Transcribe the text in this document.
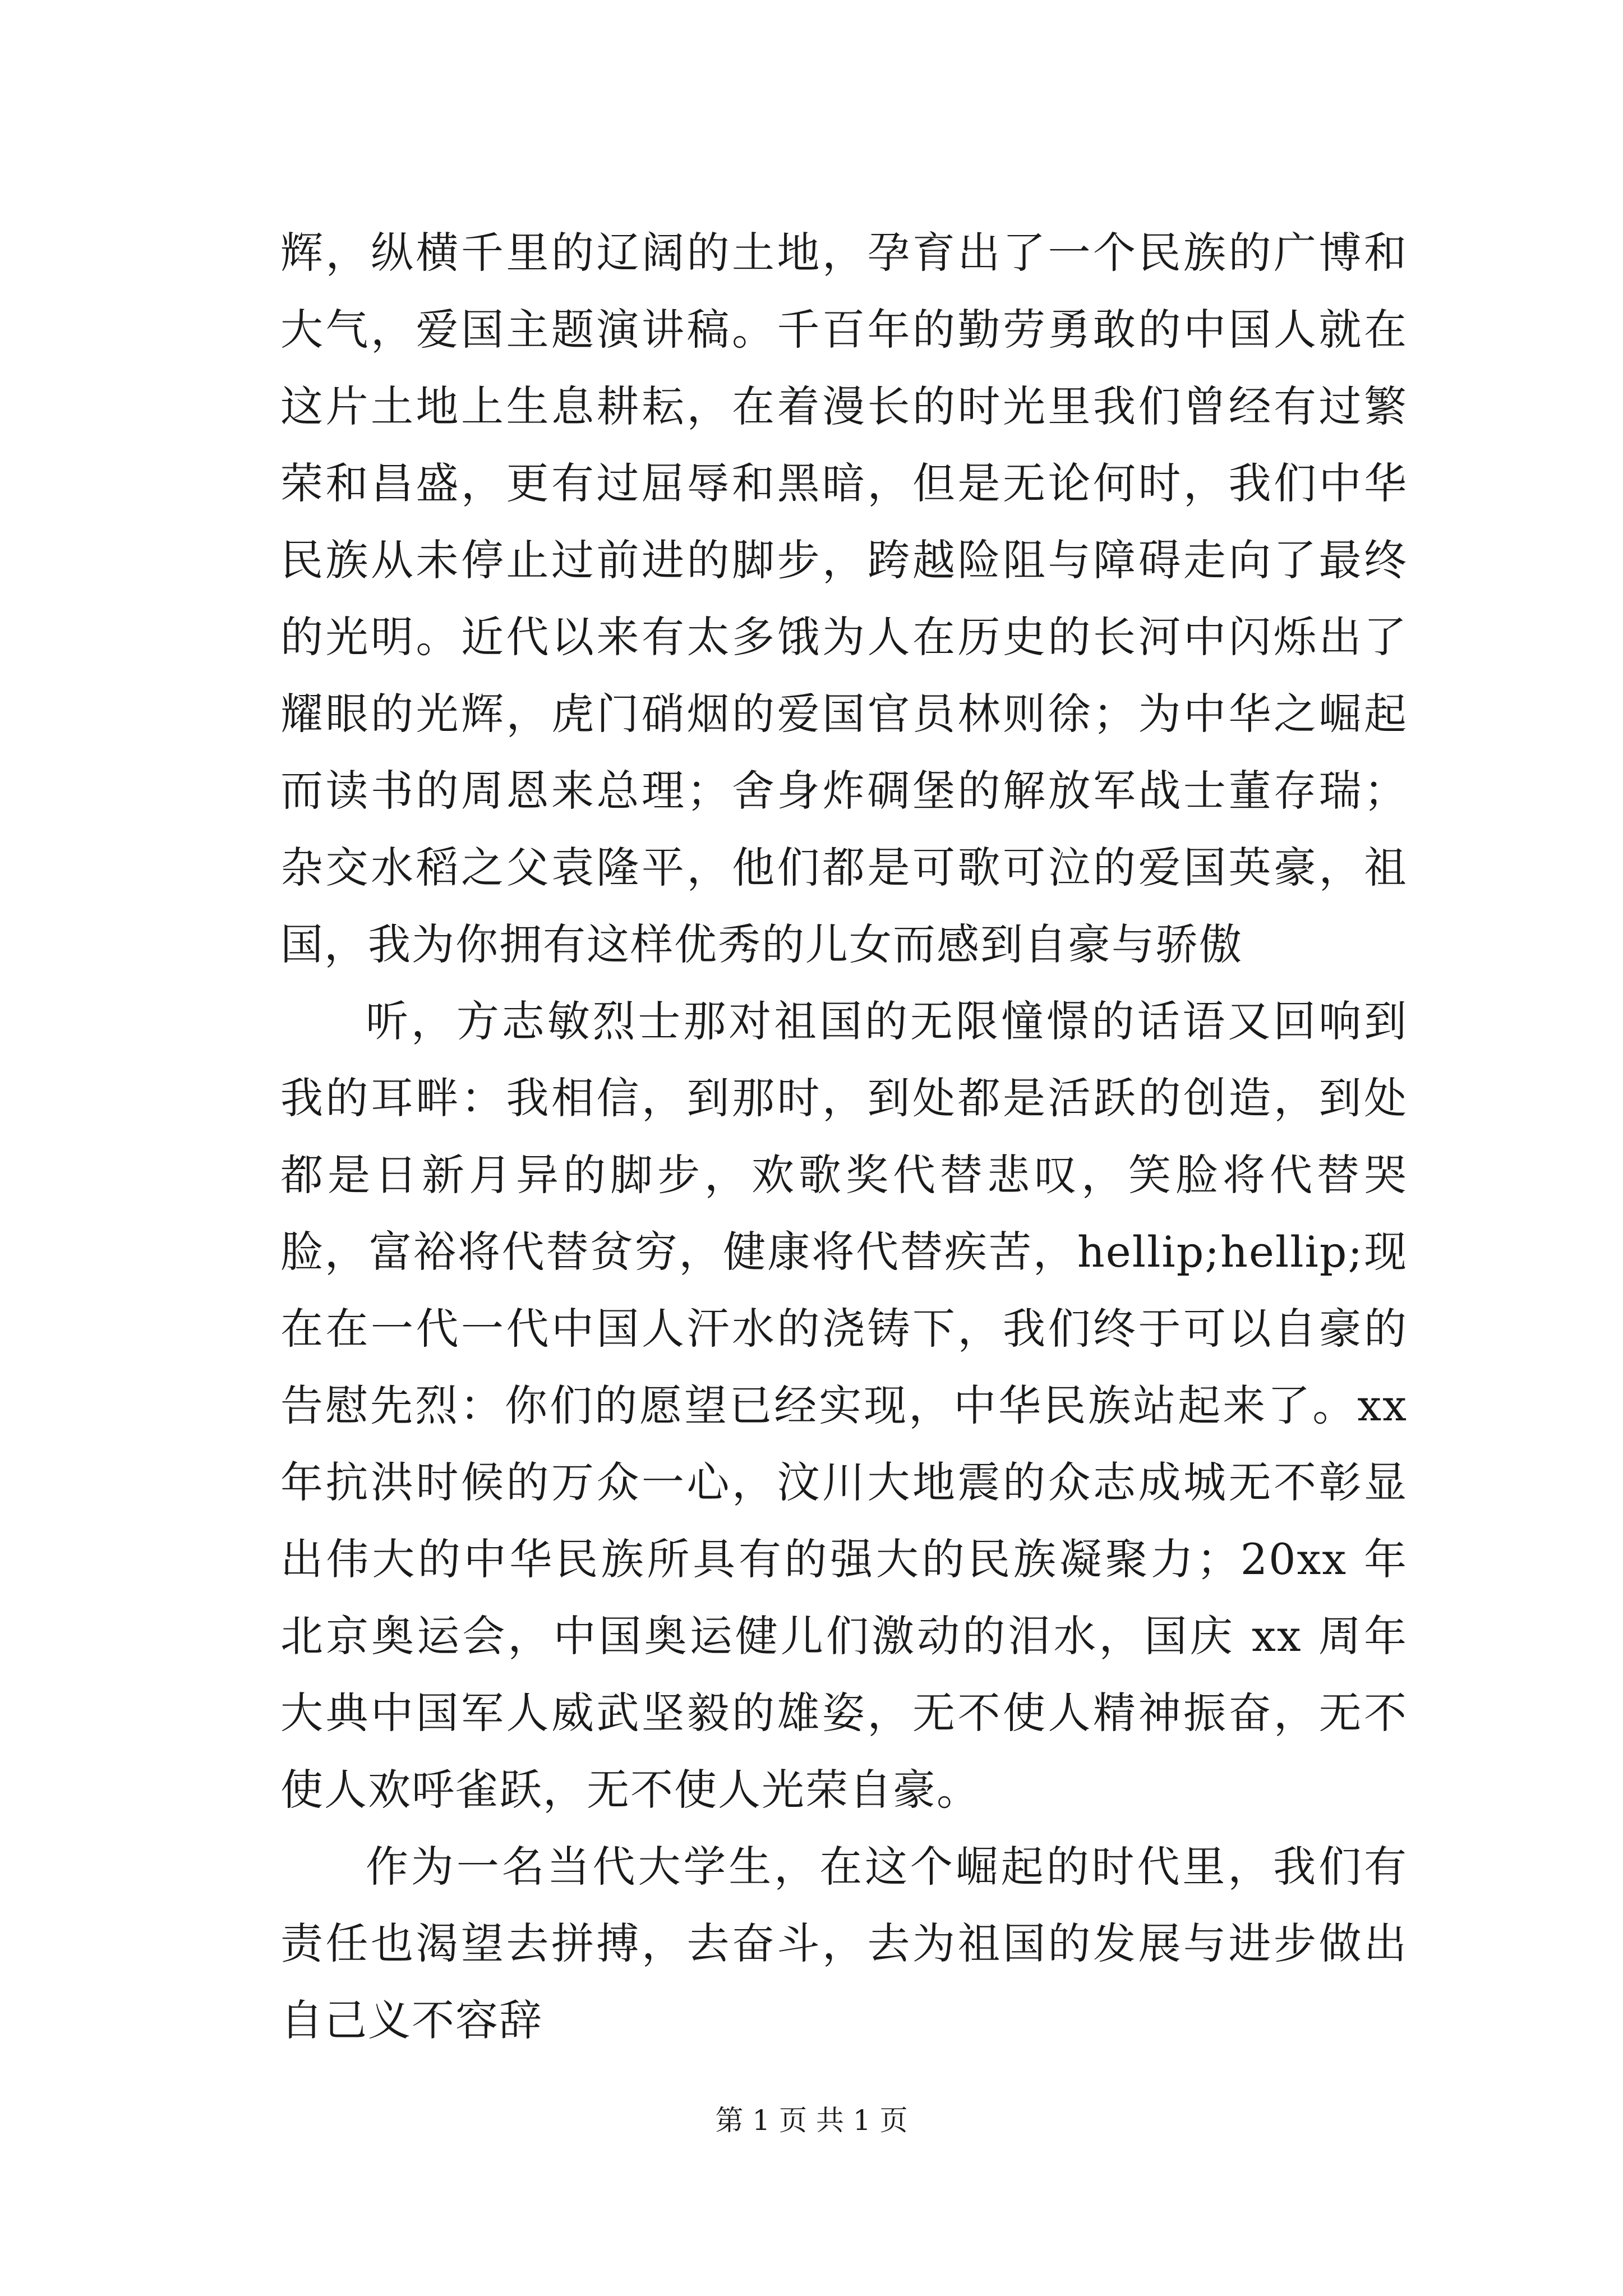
辉，纵横千里的辽阔的土地，孕育出了一个民族的广博和大气，爱国主题演讲稿。千百年的勤劳勇敢的中国人就在这片土地上生息耕耘，在着漫长的时光里我们曾经有过繁荣和昌盛，更有过屈辱和黑暗，但是无论何时，我们中华民族从未停止过前进的脚步，跨越险阻与障碍走向了最终的光明。近代以来有太多饿为人在历史的长河中闪烁出了耀眼的光辉，虎门硝烟的爱国官员林则徐；为中华之崛起而读书的周恩来总理；舍身炸碉堡的解放军战士董存瑞；杂交水稻之父袁隆平，他们都是可歌可泣的爱国英豪，祖国，我为你拥有这样优秀的儿女而感到自豪与骄傲

听，方志敏烈士那对祖国的无限憧憬的话语又回响到我的耳畔：我相信，到那时，到处都是活跃的创造，到处都是日新月异的脚步，欢歌奖代替悲叹，笑脸将代替哭脸，富裕将代替贫穷，健康将代替疾苦，hellip;hellip;现在在一代一代中国人汗水的浇铸下，我们终于可以自豪的告慰先烈：你们的愿望已经实现，中华民族站起来了。xx 年抗洪时候的万众一心，汶川大地震的众志成城无不彰显出伟大的中华民族所具有的强大的民族凝聚力；20xx 年北京奥运会，中国奥运健儿们激动的泪水，国庆 xx 周年大典中国军人威武坚毅的雄姿，无不使人精神振奋，无不使人欢呼雀跃，无不使人光荣自豪。

作为一名当代大学生，在这个崛起的时代里，我们有责任也渴望去拼搏，去奋斗，去为祖国的发展与进步做出自己义不容辞

第 1 页 共 1 页
